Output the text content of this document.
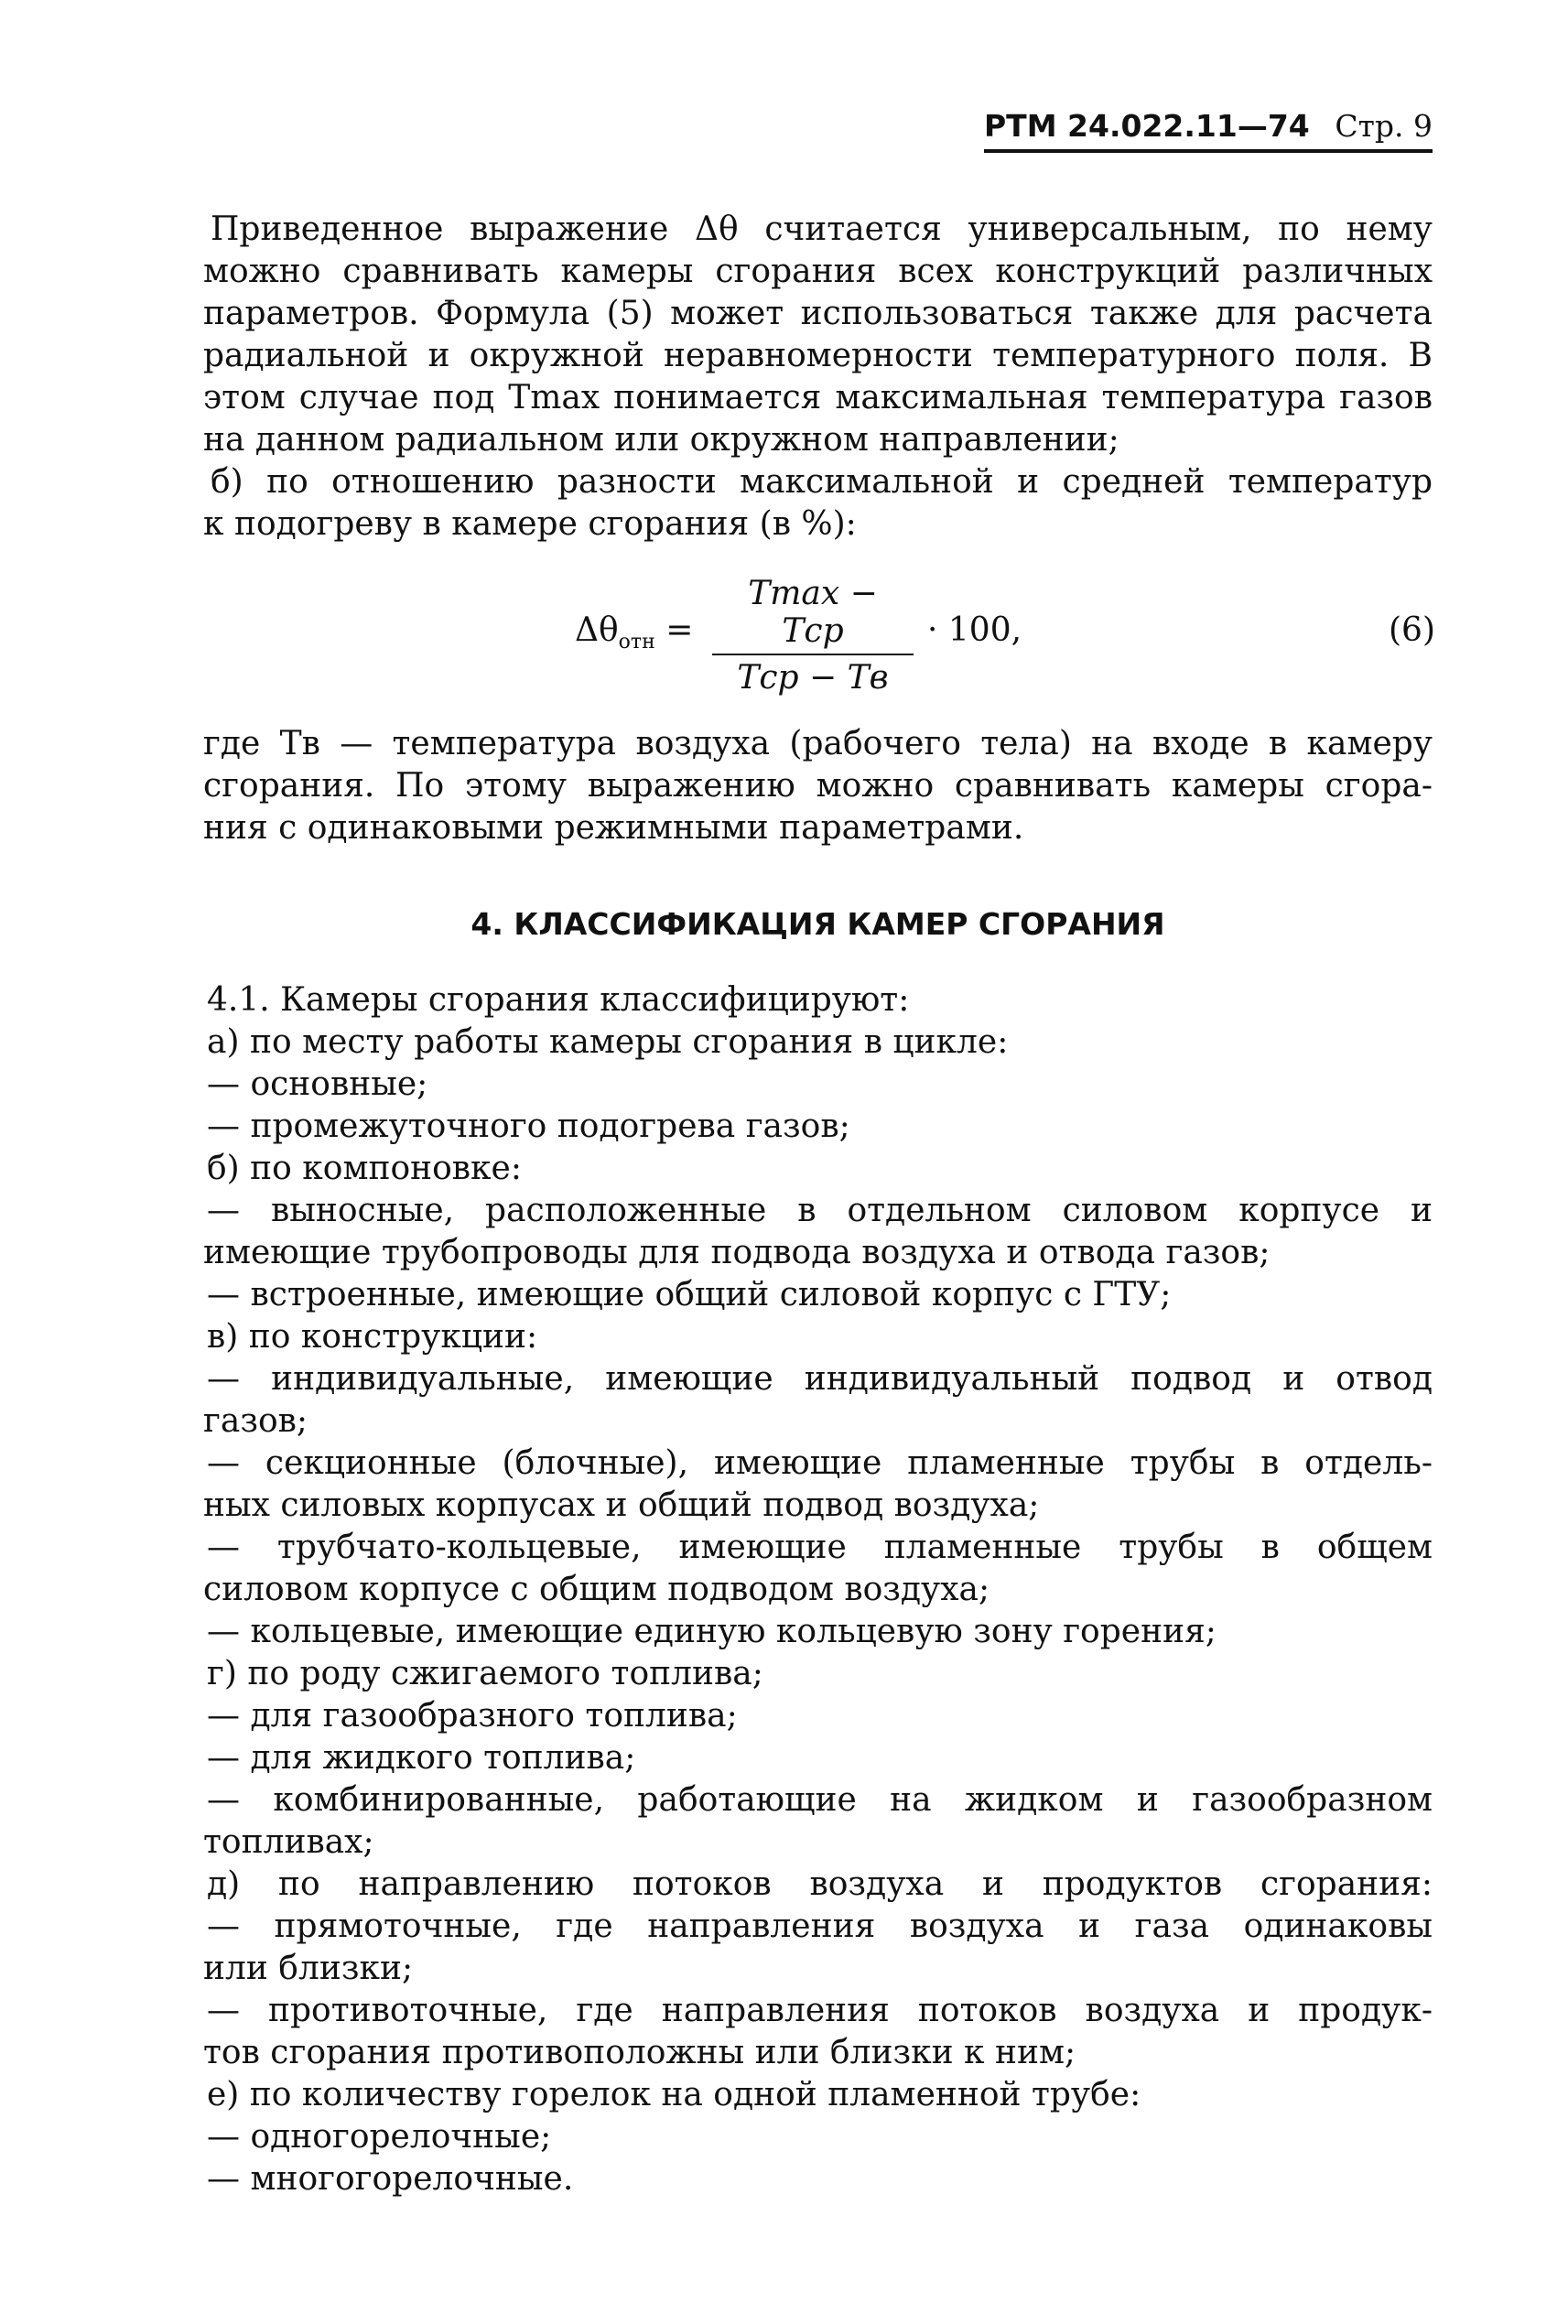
РТМ 24.022.11—74 Стр. 9
Приведенное выражение Δθ считается универсальным, по нему
можно сравнивать камеры сгорания всех конструкций различных
параметров. Формула (5) может использоваться также для расчета
радиальной и окружной неравномерности температурного поля. В
этом случае под Tmax понимается максимальная температура газов
на данном радиальном или окружном направлении;
б) по отношению разности максимальной и средней температур
к подогреву в камере сгорания (в %):
$\Delta\theta_{отн}$ =
Tmax − Tср
Tср − Tв
· 100,	(6)
где Tв — температура воздуха (рабочего тела) на входе в камеру
сгорания. По этому выражению можно сравнивать камеры сгора-
ния с одинаковыми режимными параметрами.
4. КЛАССИФИКАЦИЯ КАМЕР СГОРАНИЯ
4.1. Камеры сгорания классифицируют:
а) по месту работы камеры сгорания в цикле:
— основные;
— промежуточного подогрева газов;
б) по компоновке:
— выносные, расположенные в отдельном силовом корпусе и
имеющие трубопроводы для подвода воздуха и отвода газов;
— встроенные, имеющие общий силовой корпус с ГТУ;
в) по конструкции:
— индивидуальные, имеющие индивидуальный подвод и отвод
газов;
— секционные (блочные), имеющие пламенные трубы в отдель-
ных силовых корпусах и общий подвод воздуха;
— трубчато-кольцевые, имеющие пламенные трубы в общем
силовом корпусе с общим подводом воздуха;
— кольцевые, имеющие единую кольцевую зону горения;
г) по роду сжигаемого топлива;
— для газообразного топлива;
— для жидкого топлива;
— комбинированные, работающие на жидком и газообразном
топливах;
д) по направлению потоков воздуха и продуктов сгорания:
— прямоточные, где направления воздуха и газа одинаковы
или близки;
— противоточные, где направления потоков воздуха и продук-
тов сгорания противоположны или близки к ним;
е) по количеству горелок на одной пламенной трубе:
— одногорелочные;
— многогорелочные.
